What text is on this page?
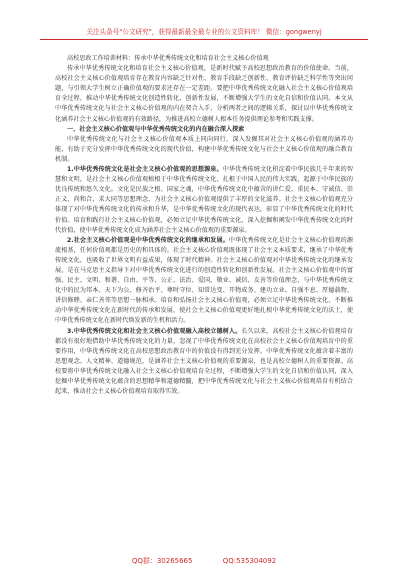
关注头条号"公文研究"，获得最新最全最专业的公文资料库！ 微信：gongwenyj

高校思政工作培训材料：传承中华优秀传统文化和培育社会主义核心价值观

传承中华优秀传统文化和培育社会主义核心价值观，是新时代赋予高校思想政治教育的价值使命。当前，高校社会主义核心价值观培育存在教育内容缺乏针对性、教育手段缺乏创新性、教育评价缺乏科学性等突出问题，与引领大学生树立正确价值观的要求还存在一定差距。要把中华优秀传统文化融入社会主义核心价值观培育全过程，推动中华优秀传统文化创造性转化、创新性发展，不断增强大学生的文化自信和价值认同。本文从中华优秀传统文化与社会主义核心价值观的内在契合入手，分析两者之间的逻辑关系，探讨以中华优秀传统文化涵养社会主义核心价值观的有效路径，为推进高校立德树人根本任务提供理论参考和实践支撑。

一、社会主义核心价值观与中华优秀传统文化的内在融合深入探索

中华优秀传统文化与社会主义核心价值观本质上同向同行，深入发掘其对社会主义核心价值观的涵养功能，有助于充分发挥中华优秀传统文化的现代价值，构建中华优秀传统文化与社会主义核心价值观的融合教育机制。

1.中华优秀传统文化是社会主义核心价值观的思想源泉。中华优秀传统文化积淀着中华民族几千年来的智慧和文明，是社会主义核心价值观植根于中华优秀传统文化，扎根于中国人民的伟大实践，起源于中华民族的优良传统和悠久文化。文化是民族之根、国家之魂，中华优秀传统文化中蕴含的讲仁爱、重民本、守诚信、崇正义、尚和合、求大同等思想理念，为社会主义核心价值观提供了丰厚的文化滋养。社会主义核心价值观充分体现了对中华优秀传统文化的传承和升华，是中华优秀传统文化的现代表达，彰显了中华优秀传统文化的时代价值。培育和践行社会主义核心价值观，必须立足中华优秀传统文化，深入挖掘和阐发中华优秀传统文化的时代价值，使中华优秀传统文化成为涵养社会主义核心价值观的重要源泉。

2.社会主义核心价值观是中华优秀传统文化的继承和发展。中华优秀传统文化是社会主义核心价值观的源流根基，任何价值观都是历史的和具体的。社会主义核心价值观既体现了社会主义本质要求，继承了中华优秀传统文化，也吸收了世界文明有益成果，体现了时代精神。社会主义核心价值观对中华优秀传统文化的继承发展，是在马克思主义指导下对中华优秀传统文化进行的创造性转化和创新性发展。社会主义核心价值观中的富强、民主、文明、和谐、自由、平等、公正、法治、爱国、敬业、诚信、友善等价值理念，与中华优秀传统文化中的民为邦本、天下为公、修齐治平、尊时守位、知常达变、开物成务、建功立业、自强不息、厚德载物、讲信修睦、亲仁善邻等思想一脉相承。培育和弘扬社会主义核心价值观，必须立足中华优秀传统文化，不断推动中华优秀传统文化在新时代的传承和发展，使社会主义核心价值观更好地扎根中华优秀传统文化的沃土，使中华优秀传统文化在新时代焕发新的生机和活力。

3.中华优秀传统文化和社会主义核心价值观融入高校立德树人。长久以来，高校社会主义核心价值观培育都没有很好地借助中华优秀传统文化的力量，忽视了中华优秀传统文化在高校社会主义核心价值观培育中的重要作用，中华优秀传统文化在高校思想政治教育中的价值没有得到充分发挥。中华优秀传统文化蕴含着丰富的思想观念、人文精神、道德规范，是涵养社会主义核心价值观的重要源泉，也是高校立德树人的重要资源。高校要将中华优秀传统文化融入社会主义核心价值观培育全过程，不断增强大学生的文化自信和价值认同，深入挖掘中华优秀传统文化蕴含的思想精华和道德精髓，把中华优秀传统文化与社会主义核心价值观培育有机结合起来，推动社会主义核心价值观培育取得实效。

QQ群：30265665	QQ:535304092
